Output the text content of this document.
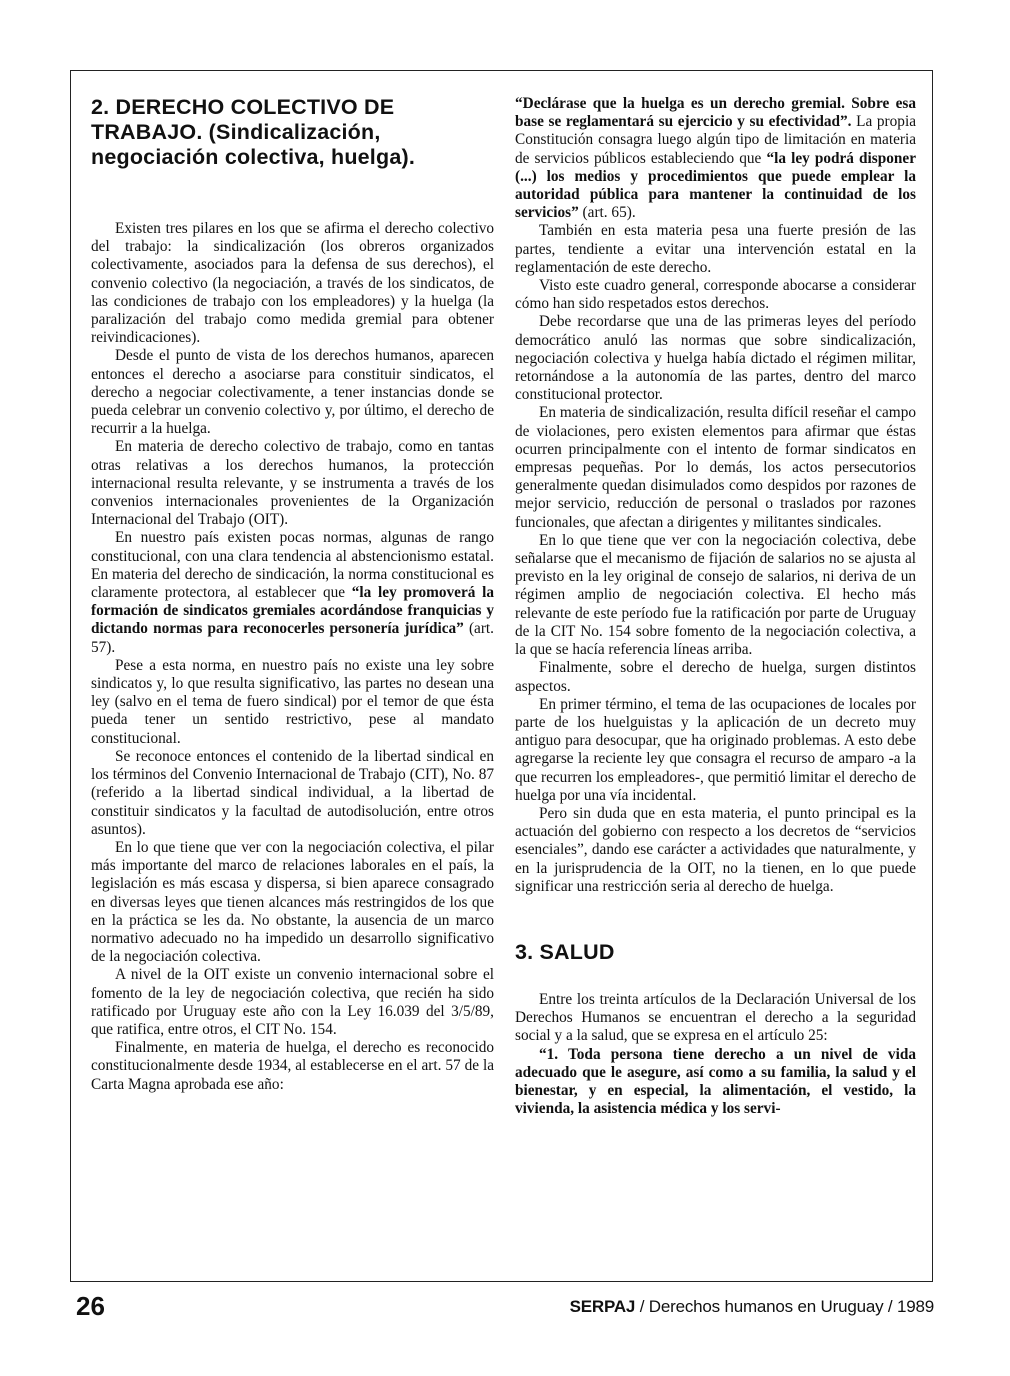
2. DERECHO COLECTIVO DE TRABAJO. (Sindicalización, negociación colectiva, huelga).

Existen tres pilares en los que se afirma el derecho colectivo del trabajo: la sindicalización (los obreros organizados colectivamente, asociados para la defensa de sus derechos), el convenio colectivo (la negociación, a través de los sindicatos, de las condiciones de trabajo con los empleadores) y la huelga (la paralización del trabajo como medida gremial para obtener reivindicaciones).

Desde el punto de vista de los derechos humanos, aparecen entonces el derecho a asociarse para constituir sindicatos, el derecho a negociar colectivamente, a tener instancias donde se pueda celebrar un convenio colectivo y, por último, el derecho de recurrir a la huelga.

En materia de derecho colectivo de trabajo, como en tantas otras relativas a los derechos humanos, la protección internacional resulta relevante, y se instrumenta a través de los convenios internacionales provenientes de la Organización Internacional del Trabajo (OIT).

En nuestro país existen pocas normas, algunas de rango constitucional, con una clara tendencia al abstencionismo estatal. En materia del derecho de sindicación, la norma constitucional es claramente protectora, al establecer que “la ley promoverá la formación de sindicatos gremiales acordándose franquicias y dictando normas para reconocerles personería jurídica” (art. 57).

Pese a esta norma, en nuestro país no existe una ley sobre sindicatos y, lo que resulta significativo, las partes no desean una ley (salvo en el tema de fuero sindical) por el temor de que ésta pueda tener un sentido restrictivo, pese al mandato constitucional.

Se reconoce entonces el contenido de la libertad sindical en los términos del Convenio Internacional de Trabajo (CIT), No. 87 (referido a la libertad sindical individual, a la libertad de constituir sindicatos y la facultad de autodisolución, entre otros asuntos).

En lo que tiene que ver con la negociación colectiva, el pilar más importante del marco de relaciones laborales en el país, la legislación es más escasa y dispersa, si bien aparece consagrado en diversas leyes que tienen alcances más restringidos de los que en la práctica se les da. No obstante, la ausencia de un marco normativo adecuado no ha impedido un desarrollo significativo de la negociación colectiva.

A nivel de la OIT existe un convenio internacional sobre el fomento de la ley de negociación colectiva, que recién ha sido ratificado por Uruguay este año con la Ley 16.039 del 3/5/89, que ratifica, entre otros, el CIT No. 154.

Finalmente, en materia de huelga, el derecho es reconocido constitucionalmente desde 1934, al establecerse en el art. 57 de la Carta Magna aprobada ese año:

“Declárase que la huelga es un derecho gremial. Sobre esa base se reglamentará su ejercicio y su efectividad”. La propia Constitución consagra luego algún tipo de limitación en materia de servicios públicos estableciendo que “la ley podrá disponer (...) los medios y procedimientos que puede emplear la autoridad pública para mantener la continuidad de los servicios” (art. 65).

También en esta materia pesa una fuerte presión de las partes, tendiente a evitar una intervención estatal en la reglamentación de este derecho.

Visto este cuadro general, corresponde abocarse a considerar cómo han sido respetados estos derechos.

Debe recordarse que una de las primeras leyes del período democrático anuló las normas que sobre sindicalización, negociación colectiva y huelga había dictado el régimen militar, retornándose a la autonomía de las partes, dentro del marco constitucional protector.

En materia de sindicalización, resulta difícil reseñar el campo de violaciones, pero existen elementos para afirmar que éstas ocurren principalmente con el intento de formar sindicatos en empresas pequeñas. Por lo demás, los actos persecutorios generalmente quedan disimulados como despidos por razones de mejor servicio, reducción de personal o traslados por razones funcionales, que afectan a dirigentes y militantes sindicales.

En lo que tiene que ver con la negociación colectiva, debe señalarse que el mecanismo de fijación de salarios no se ajusta al previsto en la ley original de consejo de salarios, ni deriva de un régimen amplio de negociación colectiva. El hecho más relevante de este período fue la ratificación por parte de Uruguay de la CIT No. 154 sobre fomento de la negociación colectiva, a la que se hacía referencia líneas arriba.

Finalmente, sobre el derecho de huelga, surgen distintos aspectos.

En primer término, el tema de las ocupaciones de locales por parte de los huelguistas y la aplicación de un decreto muy antiguo para desocupar, que ha originado problemas. A esto debe agregarse la reciente ley que consagra el recurso de amparo -a la que recurren los empleadores-, que permitió limitar el derecho de huelga por una vía incidental.

Pero sin duda que en esta materia, el punto principal es la actuación del gobierno con respecto a los decretos de “servicios esenciales”, dando ese carácter a actividades que naturalmente, y en la jurisprudencia de la OIT, no la tienen, en lo que puede significar una restricción seria al derecho de huelga.

3. SALUD

Entre los treinta artículos de la Declaración Universal de los Derechos Humanos se encuentran el derecho a la seguridad social y a la salud, que se expresa en el artículo 25:

“1. Toda persona tiene derecho a un nivel de vida adecuado que le asegure, así como a su familia, la salud y el bienestar, y en especial, la alimentación, el vestido, la vivienda, la asistencia médica y los servi-

26	SERPAJ / Derechos humanos en Uruguay / 1989
